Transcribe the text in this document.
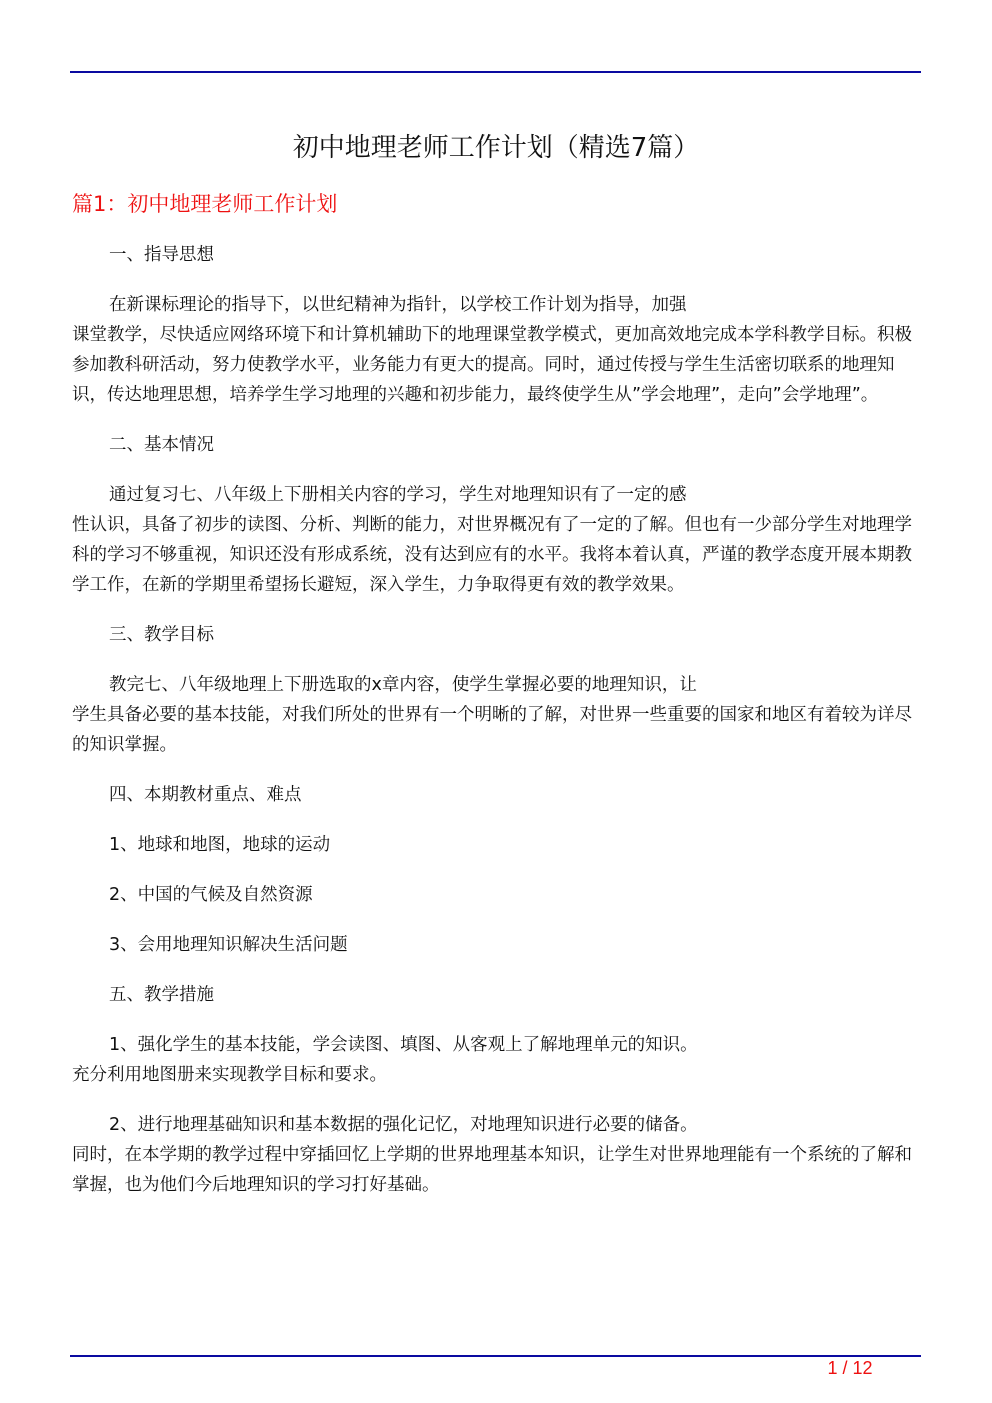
初中地理老师工作计划（精选7篇）
篇1：初中地理老师工作计划

一、指导思想

在新课标理论的指导下，以世纪精神为指针，以学校工作计划为指导，加强

课堂教学，尽快适应网络环境下和计算机辅助下的地理课堂教学模式，更加高效地完成本学科教学目标。积极参加教科研活动，努力使教学水平，业务能力有更大的提高。同时，通过传授与学生生活密切联系的地理知识，传达地理思想，培养学生学习地理的兴趣和初步能力，最终使学生从”学会地理”，走向”会学地理”。

二、基本情况

通过复习七、八年级上下册相关内容的学习，学生对地理知识有了一定的感

性认识，具备了初步的读图、分析、判断的能力，对世界概况有了一定的了解。但也有一少部分学生对地理学科的学习不够重视，知识还没有形成系统，没有达到应有的水平。我将本着认真，严谨的教学态度开展本期教学工作，在新的学期里希望扬长避短，深入学生，力争取得更有效的教学效果。

三、教学目标

教完七、八年级地理上下册选取的x章内容，使学生掌握必要的地理知识，让

学生具备必要的基本技能，对我们所处的世界有一个明晰的了解，对世界一些重要的国家和地区有着较为详尽的知识掌握。

四、本期教材重点、难点

1、地球和地图，地球的运动

2、中国的气候及自然资源

3、会用地理知识解决生活问题

五、教学措施

1、强化学生的基本技能，学会读图、填图、从客观上了解地理单元的知识。

充分利用地图册来实现教学目标和要求。

2、进行地理基础知识和基本数据的强化记忆，对地理知识进行必要的储备。

同时，在本学期的教学过程中穿插回忆上学期的世界地理基本知识，让学生对世界地理能有一个系统的了解和掌握，也为他们今后地理知识的学习打好基础。

1 / 12
